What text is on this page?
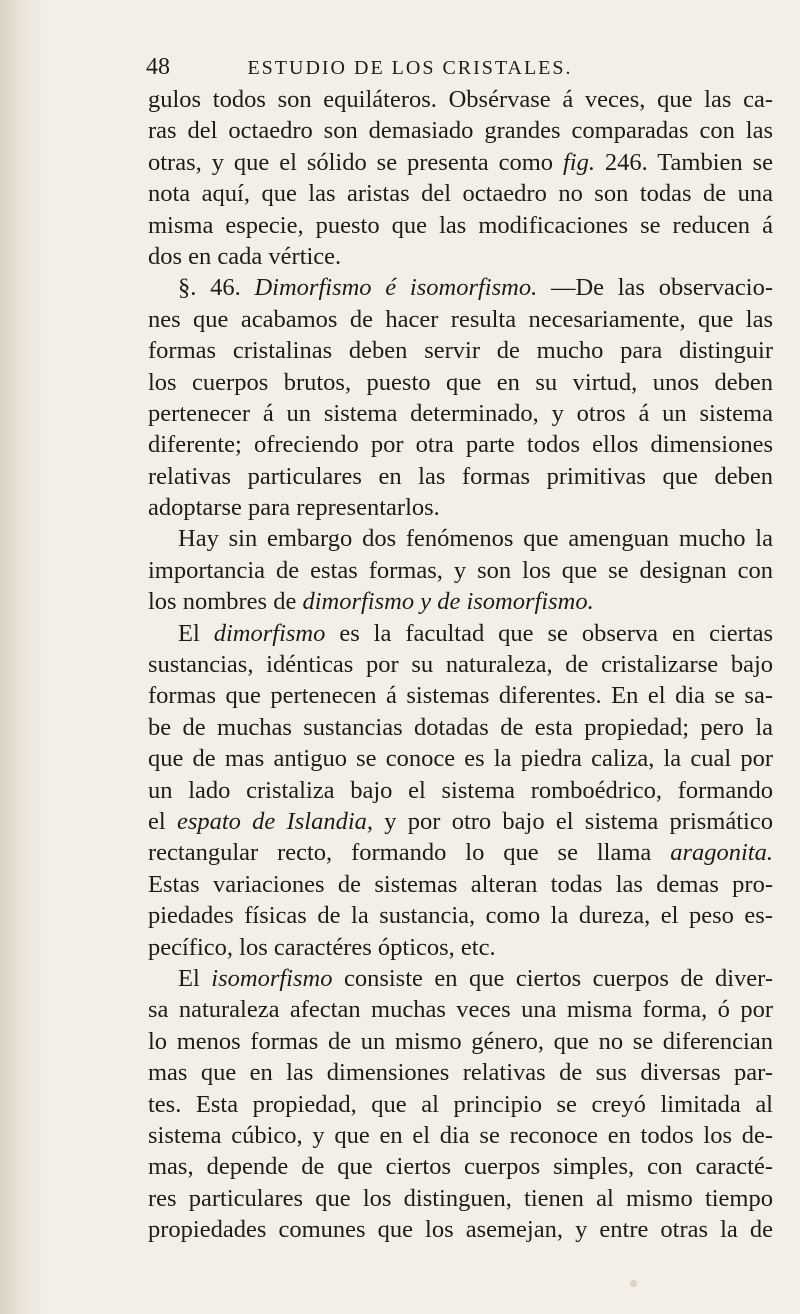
48	ESTUDIO DE LOS CRISTALES.
gulos todos son equiláteros. Obsérvase á veces, que las ca-
ras del octaedro son demasiado grandes comparadas con las
otras, y que el sólido se presenta como fig. 246. Tambien se
nota aquí, que las aristas del octaedro no son todas de una
misma especie, puesto que las modificaciones se reducen á
dos en cada vértice.
§. 46. Dimorfismo é isomorfismo. —De las observacio-
nes que acabamos de hacer resulta necesariamente, que las
formas cristalinas deben servir de mucho para distinguir
los cuerpos brutos, puesto que en su virtud, unos deben
pertenecer á un sistema determinado, y otros á un sistema
diferente; ofreciendo por otra parte todos ellos dimensiones
relativas particulares en las formas primitivas que deben
adoptarse para representarlos.
Hay sin embargo dos fenómenos que amenguan mucho la
importancia de estas formas, y son los que se designan con
los nombres de dimorfismo y de isomorfismo.
El dimorfismo es la facultad que se observa en ciertas
sustancias, idénticas por su naturaleza, de cristalizarse bajo
formas que pertenecen á sistemas diferentes. En el dia se sa-
be de muchas sustancias dotadas de esta propiedad; pero la
que de mas antiguo se conoce es la piedra caliza, la cual por
un lado cristaliza bajo el sistema romboédrico, formando
el espato de Islandia, y por otro bajo el sistema prismático
rectangular recto, formando lo que se llama aragonita.
Estas variaciones de sistemas alteran todas las demas pro-
piedades físicas de la sustancia, como la dureza, el peso es-
pecífico, los caractéres ópticos, etc.
El isomorfismo consiste en que ciertos cuerpos de diver-
sa naturaleza afectan muchas veces una misma forma, ó por
lo menos formas de un mismo género, que no se diferencian
mas que en las dimensiones relativas de sus diversas par-
tes. Esta propiedad, que al principio se creyó limitada al
sistema cúbico, y que en el dia se reconoce en todos los de-
mas, depende de que ciertos cuerpos simples, con caracté-
res particulares que los distinguen, tienen al mismo tiempo
propiedades comunes que los asemejan, y entre otras la de
